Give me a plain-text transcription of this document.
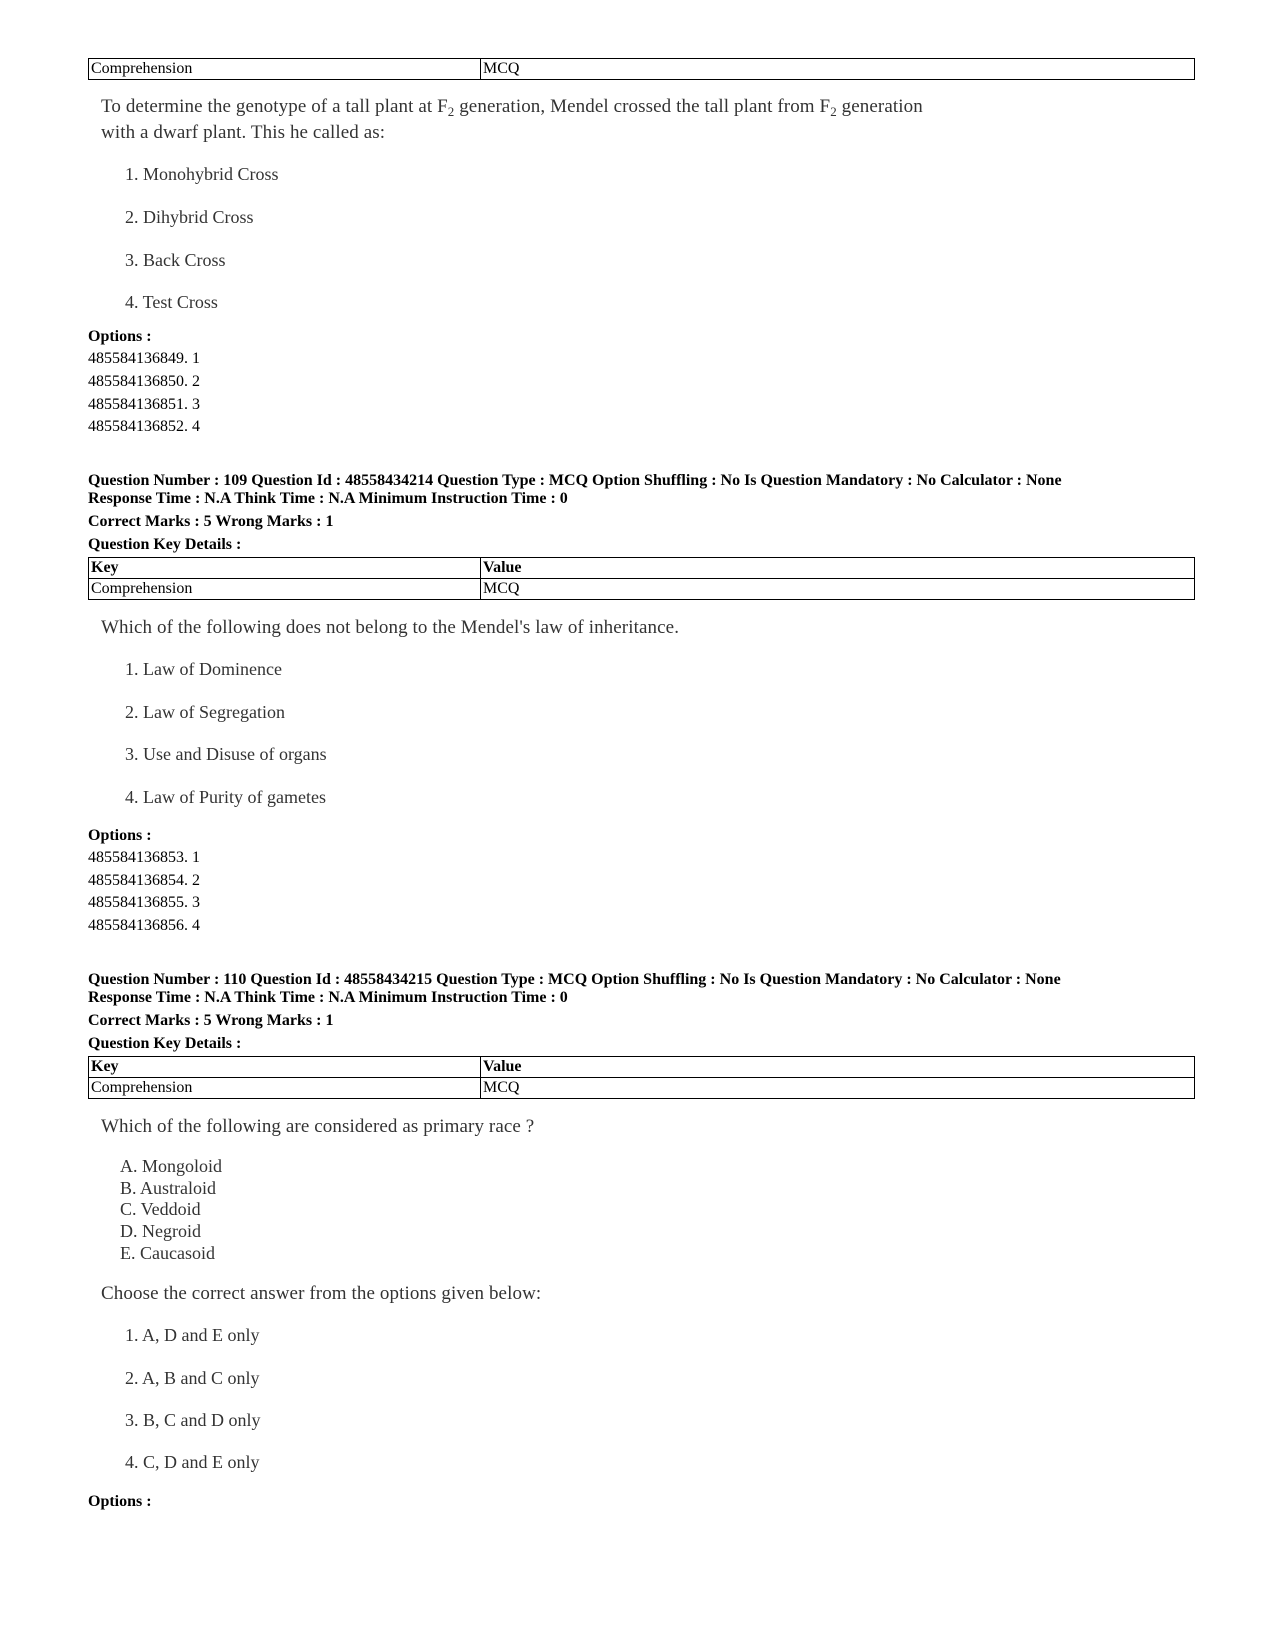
Comprehension	MCQ
To determine the genotype of a tall plant at $F_2$ generation, Mendel crossed the tall plant from $F_2$ generation
with a dwarf plant. This he called as:
1. Monohybrid Cross
2. Dihybrid Cross
3. Back Cross
4. Test Cross
Options :
485584136849. 1
485584136850. 2
485584136851. 3
485584136852. 4
Question Number : 109 Question Id : 48558434214 Question Type : MCQ Option Shuffling : No Is Question Mandatory : No Calculator : None
Response Time : N.A Think Time : N.A Minimum Instruction Time : 0
Correct Marks : 5 Wrong Marks : 1
Question Key Details :
Key	Value
Comprehension	MCQ
Which of the following does not belong to the Mendel's law of inheritance.
1. Law of Dominence
2. Law of Segregation
3. Use and Disuse of organs
4. Law of Purity of gametes
Options :
485584136853. 1
485584136854. 2
485584136855. 3
485584136856. 4
Question Number : 110 Question Id : 48558434215 Question Type : MCQ Option Shuffling : No Is Question Mandatory : No Calculator : None
Response Time : N.A Think Time : N.A Minimum Instruction Time : 0
Correct Marks : 5 Wrong Marks : 1
Question Key Details :
Key	Value
Comprehension	MCQ
Which of the following are considered as primary race ?
A. Mongoloid
B. Australoid
C. Veddoid
D. Negroid
E. Caucasoid
Choose the correct answer from the options given below:
1. A, D and E only
2. A, B and C only
3. B, C and D only
4. C, D and E only
Options :
